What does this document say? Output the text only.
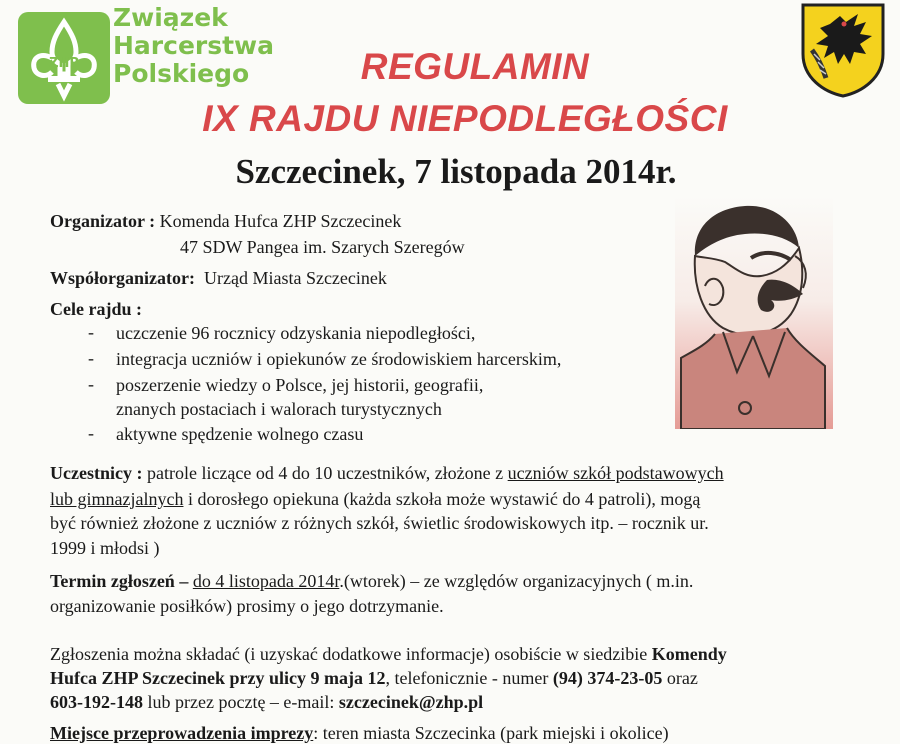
ZHP
Związek
Harcerstwa
Polskiego	REGULAMIN
IX RAJDU NIEPODLEGŁOŚCI
Szczecinek, 7 listopada 2014r.
Organizator : Komenda Hufca ZHP Szczecinek
47 SDW Pangea im. Szarych Szeregów
Współorganizator: Urząd Miasta Szczecinek
Cele rajdu :
- uczczenie 96 rocznicy odzyskania niepodległości,
- integracja uczniów i opiekunów ze środowiskiem harcerskim,
- poszerzenie wiedzy o Polsce, jej historii, geografii,
znanych postaciach i walorach turystycznych
- aktywne spędzenie wolnego czasu
Uczestnicy : patrole liczące od 4 do 10 uczestników, złożone z uczniów szkół podstawowych
lub gimnazjalnych i dorosłego opiekuna (każda szkoła może wystawić do 4 patroli), mogą
być również złożone z uczniów z różnych szkół, świetlic środowiskowych itp. – rocznik ur.
1999 i młodsi )
Termin zgłoszeń – do 4 listopada 2014r.(wtorek) – ze względów organizacyjnych ( m.in.
organizowanie posiłków) prosimy o jego dotrzymanie.
Zgłoszenia można składać (i uzyskać dodatkowe informacje) osobiście w siedzibie Komendy
Hufca ZHP Szczecinek przy ulicy 9 maja 12, telefonicznie - numer (94) 374-23-05 oraz
603-192-148 lub przez pocztę – e-mail: szczecinek@zhp.pl
Miejsce przeprowadzenia imprezy: teren miasta Szczecinka (park miejski i okolice)
